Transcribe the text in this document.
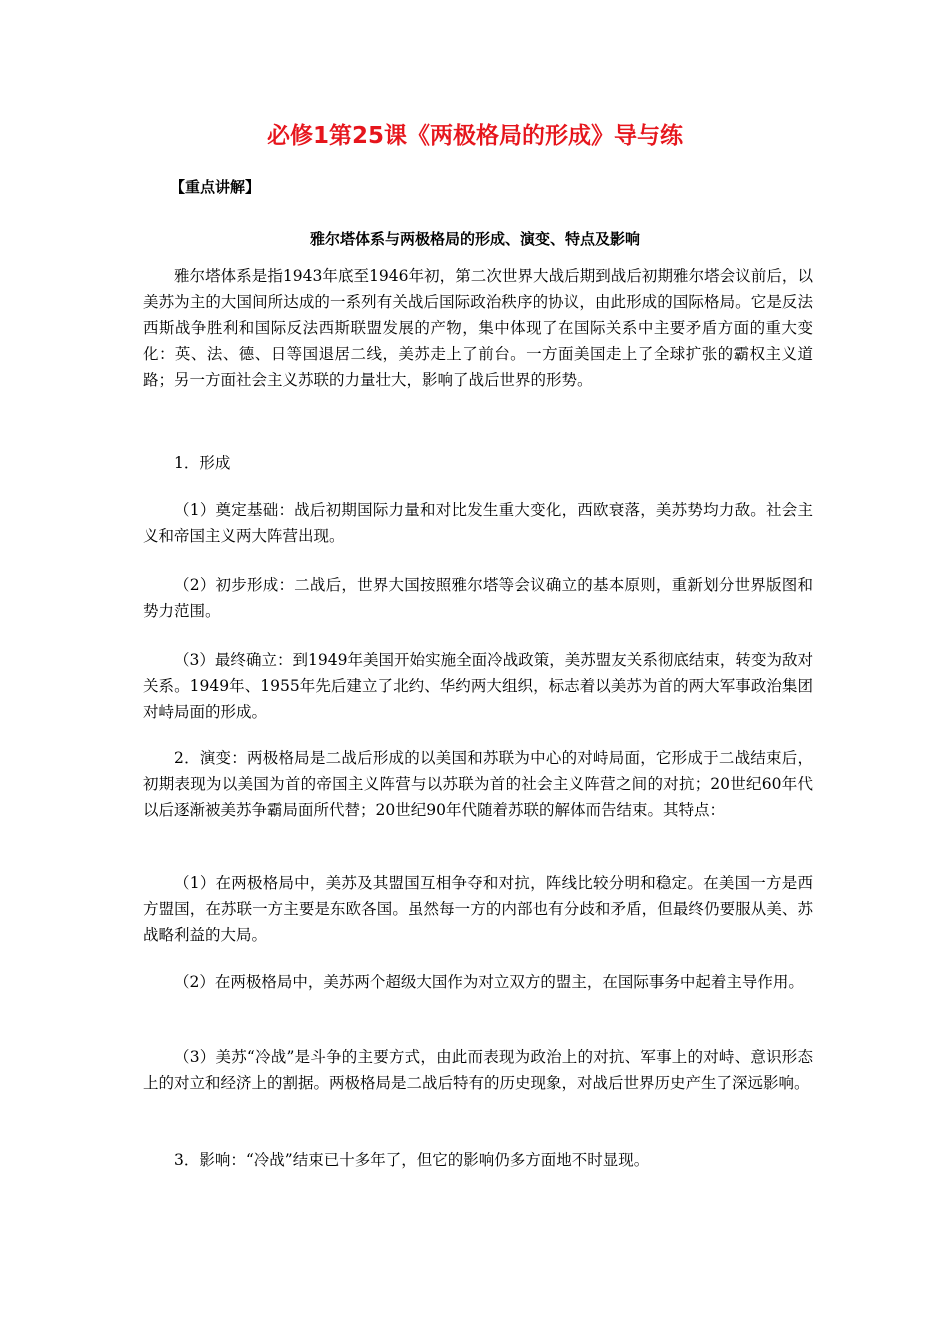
必修1第25课《两极格局的形成》导与练
【重点讲解】
雅尔塔体系与两极格局的形成、演变、特点及影响

雅尔塔体系是指1943年底至1946年初，第二次世界大战后期到战后初期雅尔塔会议前后，以美苏为主的大国间所达成的一系列有关战后国际政治秩序的协议，由此形成的国际格局。它是反法西斯战争胜利和国际反法西斯联盟发展的产物，集中体现了在国际关系中主要矛盾方面的重大变化：英、法、德、日等国退居二线，美苏走上了前台。一方面美国走上了全球扩张的霸权主义道路；另一方面社会主义苏联的力量壮大，影响了战后世界的形势。

1．形成

（1）奠定基础：战后初期国际力量和对比发生重大变化，西欧衰落，美苏势均力敌。社会主义和帝国主义两大阵营出现。

（2）初步形成：二战后，世界大国按照雅尔塔等会议确立的基本原则，重新划分世界版图和势力范围。

（3）最终确立：到1949年美国开始实施全面冷战政策，美苏盟友关系彻底结束，转变为敌对关系。1949年、1955年先后建立了北约、华约两大组织，标志着以美苏为首的两大军事政治集团对峙局面的形成。

2．演变：两极格局是二战后形成的以美国和苏联为中心的对峙局面，它形成于二战结束后，初期表现为以美国为首的帝国主义阵营与以苏联为首的社会主义阵营之间的对抗；20世纪60年代以后逐渐被美苏争霸局面所代替；20世纪90年代随着苏联的解体而告结束。其特点：

（1）在两极格局中，美苏及其盟国互相争夺和对抗，阵线比较分明和稳定。在美国一方是西方盟国，在苏联一方主要是东欧各国。虽然每一方的内部也有分歧和矛盾，但最终仍要服从美、苏战略利益的大局。

（2）在两极格局中，美苏两个超级大国作为对立双方的盟主，在国际事务中起着主导作用。

（3）美苏“冷战”是斗争的主要方式，由此而表现为政治上的对抗、军事上的对峙、意识形态上的对立和经济上的割据。两极格局是二战后特有的历史现象，对战后世界历史产生了深远影响。

3．影响：“冷战”结束已十多年了，但它的影响仍多方面地不时显现。
